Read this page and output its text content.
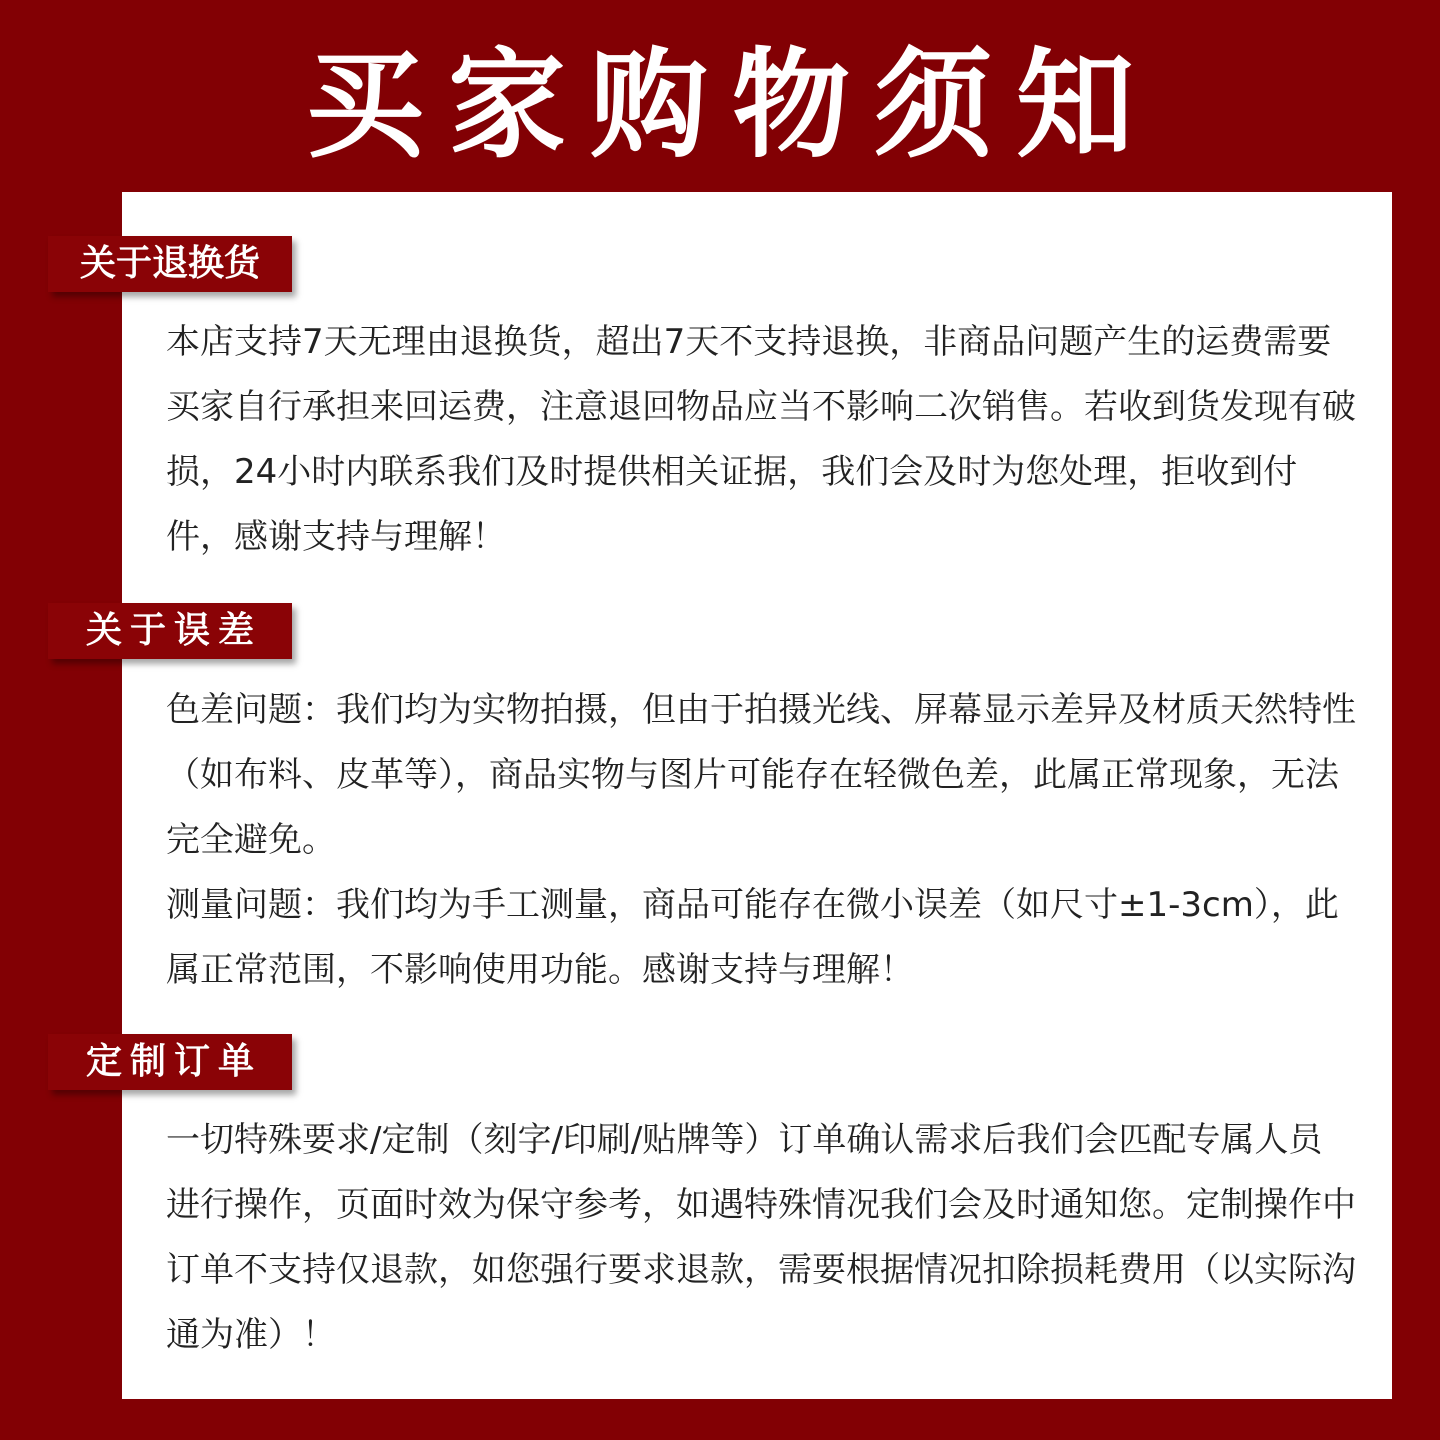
买家购物须知
关于退换货

本店支持7天无理由退换货，超出7天不支持退换，非商品问题产生的运费需要买家自行承担来回运费，注意退回物品应当不影响二次销售。若收到货发现有破损，24小时内联系我们及时提供相关证据，我们会及时为您处理，拒收到付件，感谢支持与理解！

关于误差

色差问题：我们均为实物拍摄，但由于拍摄光线、屏幕显示差异及材质天然特性（如布料、皮革等），商品实物与图片可能存在轻微色差，此属正常现象，无法完全避免。

测量问题：我们均为手工测量，商品可能存在微小误差（如尺寸±1-3cm），此属正常范围，不影响使用功能。感谢支持与理解！

定制订单

一切特殊要求/定制（刻字/印刷/贴牌等）订单确认需求后我们会匹配专属人员进行操作，页面时效为保守参考，如遇特殊情况我们会及时通知您。定制操作中订单不支持仅退款，如您强行要求退款，需要根据情况扣除损耗费用（以实际沟通为准）！
